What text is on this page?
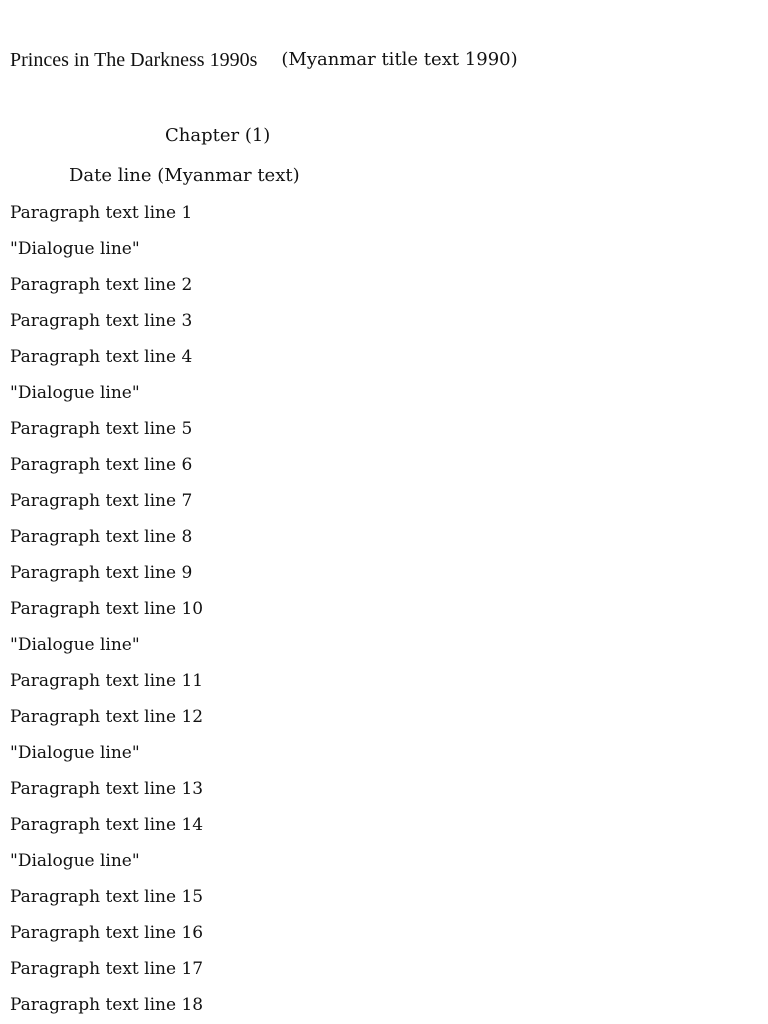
Princes in The Darkness 1990s (Myanmar title text 1990)
Chapter (1)
Date line (Myanmar text)
Paragraph text line 1
"Dialogue line"
Paragraph text line 2
Paragraph text line 3
Paragraph text line 4
"Dialogue line"
Paragraph text line 5
Paragraph text line 6
Paragraph text line 7
Paragraph text line 8
Paragraph text line 9
Paragraph text line 10
"Dialogue line"
Paragraph text line 11
Paragraph text line 12
"Dialogue line"
Paragraph text line 13
Paragraph text line 14
"Dialogue line"
Paragraph text line 15
Paragraph text line 16
Paragraph text line 17
Paragraph text line 18
